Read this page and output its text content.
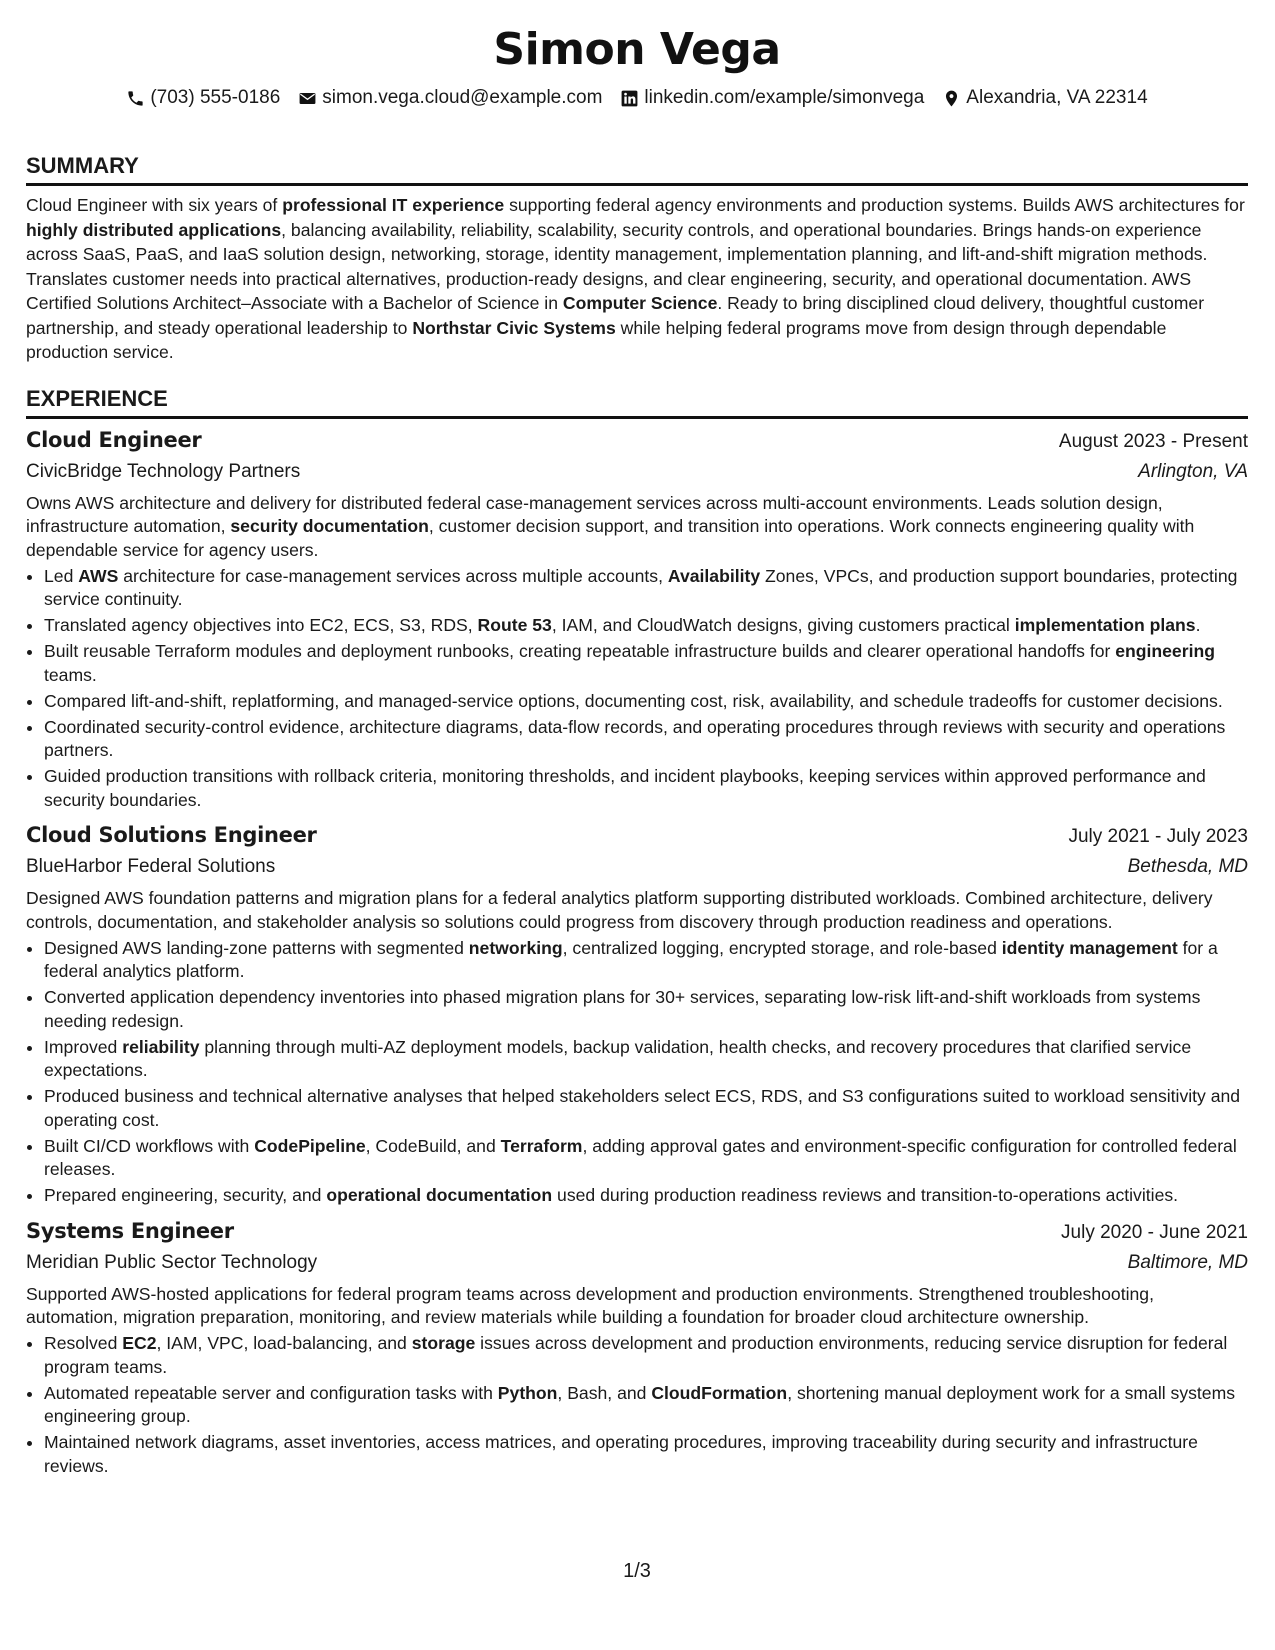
Simon Vega
(703) 555-0186 simon.vega.cloud@example.com linkedin.com/example/simonvega Alexandria, VA 22314
SUMMARY
Cloud Engineer with six years of professional IT experience supporting federal agency environments and production systems. Builds AWS architectures for highly distributed applications, balancing availability, reliability, scalability, security controls, and operational boundaries. Brings hands-on experience across SaaS, PaaS, and IaaS solution design, networking, storage, identity management, implementation planning, and lift-and-shift migration methods. Translates customer needs into practical alternatives, production-ready designs, and clear engineering, security, and operational documentation. AWS Certified Solutions Architect–Associate with a Bachelor of Science in Computer Science. Ready to bring disciplined cloud delivery, thoughtful customer partnership, and steady operational leadership to Northstar Civic Systems while helping federal programs move from design through dependable production service.
EXPERIENCE
Cloud Engineer	August 2023 - Present
CivicBridge Technology Partners	Arlington, VA
Owns AWS architecture and delivery for distributed federal case-management services across multi-account environments. Leads solution design, infrastructure automation, security documentation, customer decision support, and transition into operations. Work connects engineering quality with dependable service for agency users.
• Led AWS architecture for case-management services across multiple accounts, Availability Zones, VPCs, and production support boundaries, protecting service continuity.
• Translated agency objectives into EC2, ECS, S3, RDS, Route 53, IAM, and CloudWatch designs, giving customers practical implementation plans.
• Built reusable Terraform modules and deployment runbooks, creating repeatable infrastructure builds and clearer operational handoffs for engineering teams.
• Compared lift-and-shift, replatforming, and managed-service options, documenting cost, risk, availability, and schedule tradeoffs for customer decisions.
• Coordinated security-control evidence, architecture diagrams, data-flow records, and operating procedures through reviews with security and operations partners.
• Guided production transitions with rollback criteria, monitoring thresholds, and incident playbooks, keeping services within approved performance and security boundaries.
Cloud Solutions Engineer	July 2021 - July 2023
BlueHarbor Federal Solutions	Bethesda, MD
Designed AWS foundation patterns and migration plans for a federal analytics platform supporting distributed workloads. Combined architecture, delivery controls, documentation, and stakeholder analysis so solutions could progress from discovery through production readiness and operations.
• Designed AWS landing-zone patterns with segmented networking, centralized logging, encrypted storage, and role-based identity management for a federal analytics platform.
• Converted application dependency inventories into phased migration plans for 30+ services, separating low-risk lift-and-shift workloads from systems needing redesign.
• Improved reliability planning through multi-AZ deployment models, backup validation, health checks, and recovery procedures that clarified service expectations.
• Produced business and technical alternative analyses that helped stakeholders select ECS, RDS, and S3 configurations suited to workload sensitivity and operating cost.
• Built CI/CD workflows with CodePipeline, CodeBuild, and Terraform, adding approval gates and environment-specific configuration for controlled federal releases.
• Prepared engineering, security, and operational documentation used during production readiness reviews and transition-to-operations activities.
Systems Engineer	July 2020 - June 2021
Meridian Public Sector Technology	Baltimore, MD
Supported AWS-hosted applications for federal program teams across development and production environments. Strengthened troubleshooting, automation, migration preparation, monitoring, and review materials while building a foundation for broader cloud architecture ownership.
• Resolved EC2, IAM, VPC, load-balancing, and storage issues across development and production environments, reducing service disruption for federal program teams.
• Automated repeatable server and configuration tasks with Python, Bash, and CloudFormation, shortening manual deployment work for a small systems engineering group.
• Maintained network diagrams, asset inventories, access matrices, and operating procedures, improving traceability during security and infrastructure reviews.
1/3
